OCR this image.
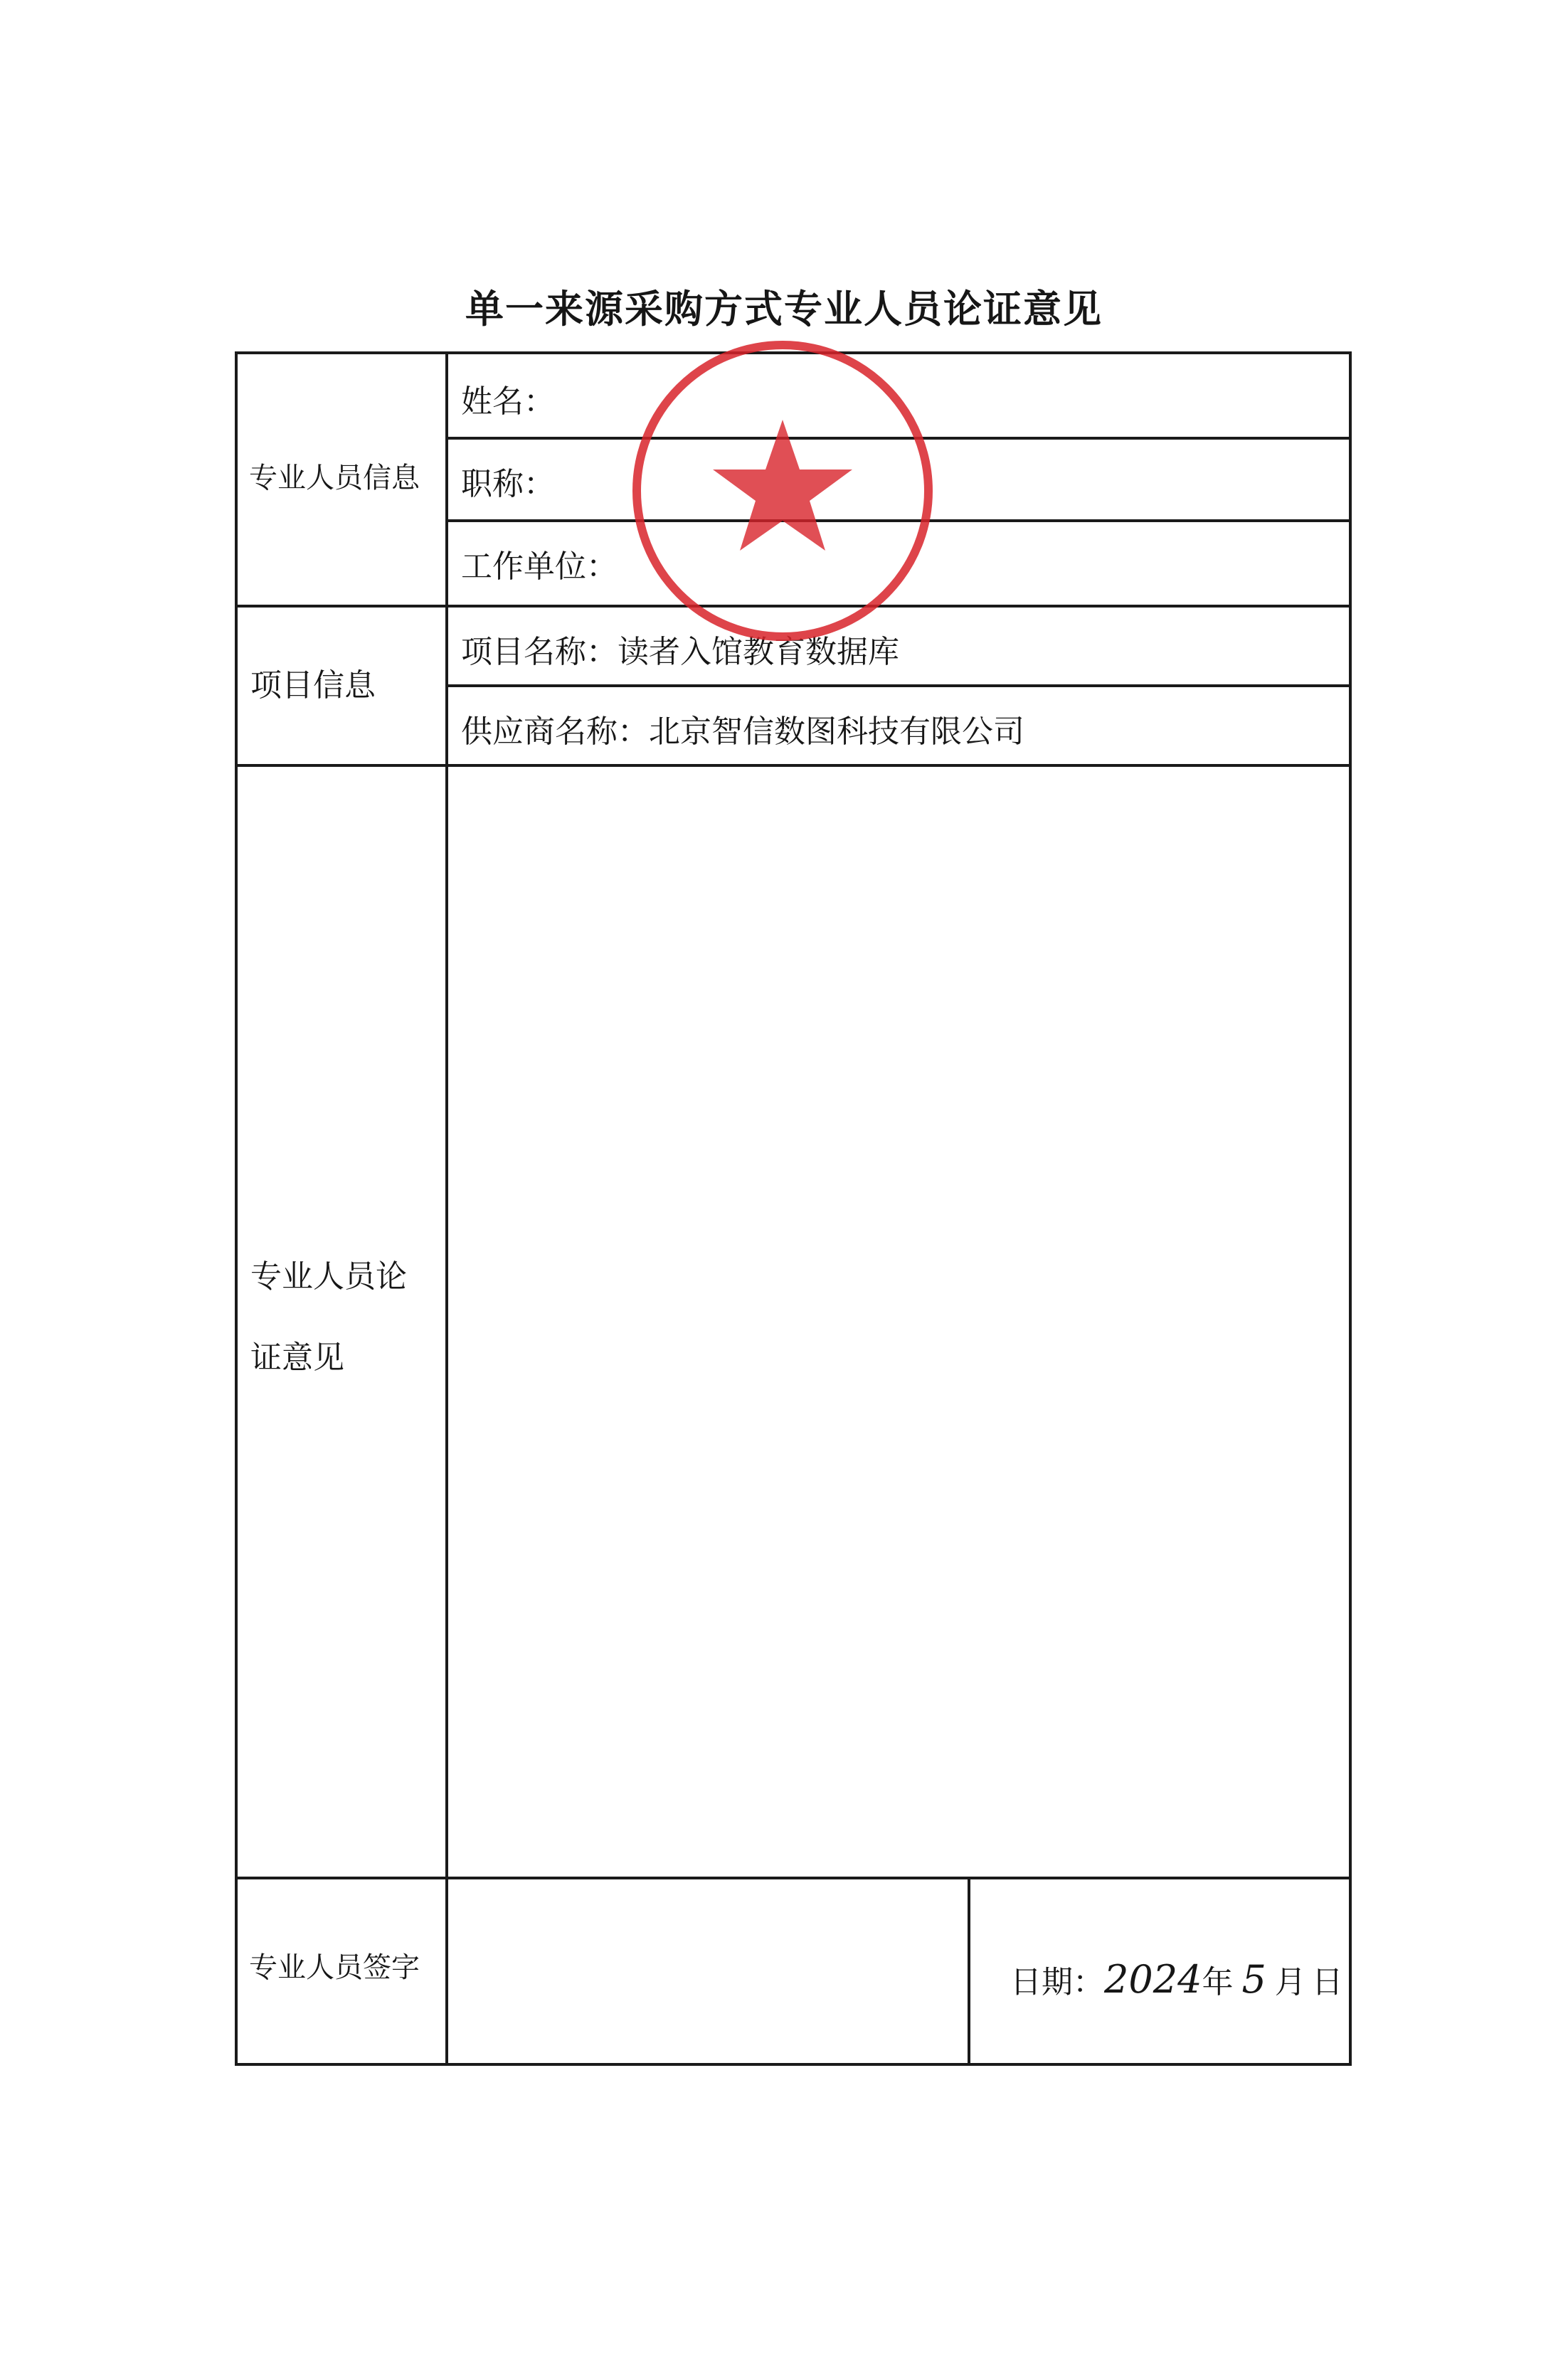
单一来源采购方式专业人员论证意见
专业人员信息
项目信息
专业人员论
证意见
专业人员签字
姓名：
职称：
工作单位：
项目名称：读者入馆教育数据库
供应商名称：北京智信数图科技有限公司
日期：2024年 5 月 日
